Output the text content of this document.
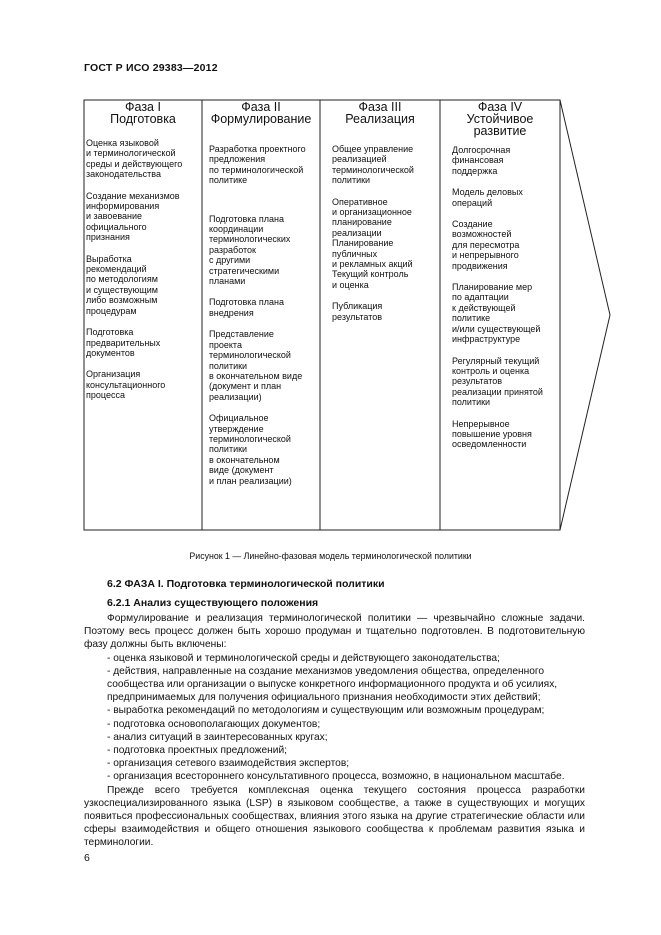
ГОСТ Р ИСО 29383—2012
Фаза I
Подготовка
Оценка языковой
и терминологической
среды и действующего
законодательства
Создание механизмов
информирования
и завоевание
официального
признания
Выработка
рекомендаций
по методологиям
и существующим
либо возможным
процедурам
Подготовка
предварительных
документов
Организация
консультационного
процесса
Фаза II
Формулирование
Разработка проектного
предложения
по терминологической
политике
Подготовка плана
координации
терминологических
разработок
с другими
стратегическими
планами
Подготовка плана
внедрения
Представление
проекта
терминологической
политики
в окончательном виде
(документ и план
реализации)
Официальное
утверждение
терминологической
политики
в окончательном
виде (документ
и план реализации)
Фаза III
Реализация
Общее управление
реализацией
терминологической
политики
Оперативное
и организационное
планирование
реализации
Планирование
публичных
и рекламных акций
Текущий контроль
и оценка
Публикация
результатов
Фаза IV
Устойчивое
развитие
Долгосрочная
финансовая
поддержка
Модель деловых
операций
Создание
возможностей
для пересмотра
и непрерывного
продвижения
Планирование мер
по адаптации
к действующей
политике
и/или существующей
инфраструктуре
Регулярный текущий
контроль и оценка
результатов
реализации принятой
политики
Непрерывное
повышение уровня
осведомленности
Рисунок 1 — Линейно-фазовая модель терминологической политики
6.2 ФАЗА I. Подготовка терминологической политики
6.2.1 Анализ существующего положения
Формулирование и реализация терминологической политики — чрезвычайно сложные задачи. Поэтому весь процесс должен быть хорошо продуман и тщательно подготовлен. В подготовительную фазу должны быть включены:
- оценка языковой и терминологической среды и действующего законодательства;
- действия, направленные на создание механизмов уведомления общества, определенного сообщества или организации о выпуске конкретного информационного продукта и об усилиях, предпринимаемых для получения официального признания необходимости этих действий;
- выработка рекомендаций по методологиям и существующим или возможным процедурам;
- подготовка основополагающих документов;
- анализ ситуаций в заинтересованных кругах;
- подготовка проектных предложений;
- организация сетевого взаимодействия экспертов;
- организация всестороннего консультативного процесса, возможно, в национальном масштабе.
Прежде всего требуется комплексная оценка текущего состояния процесса разработки узкоспециализированного языка (LSP) в языковом сообществе, а также в существующих и могущих появиться профессиональных сообществах, влияния этого языка на другие стратегические области или сферы взаимодействия и общего отношения языкового сообщества к проблемам развития языка и терминологии.
6
